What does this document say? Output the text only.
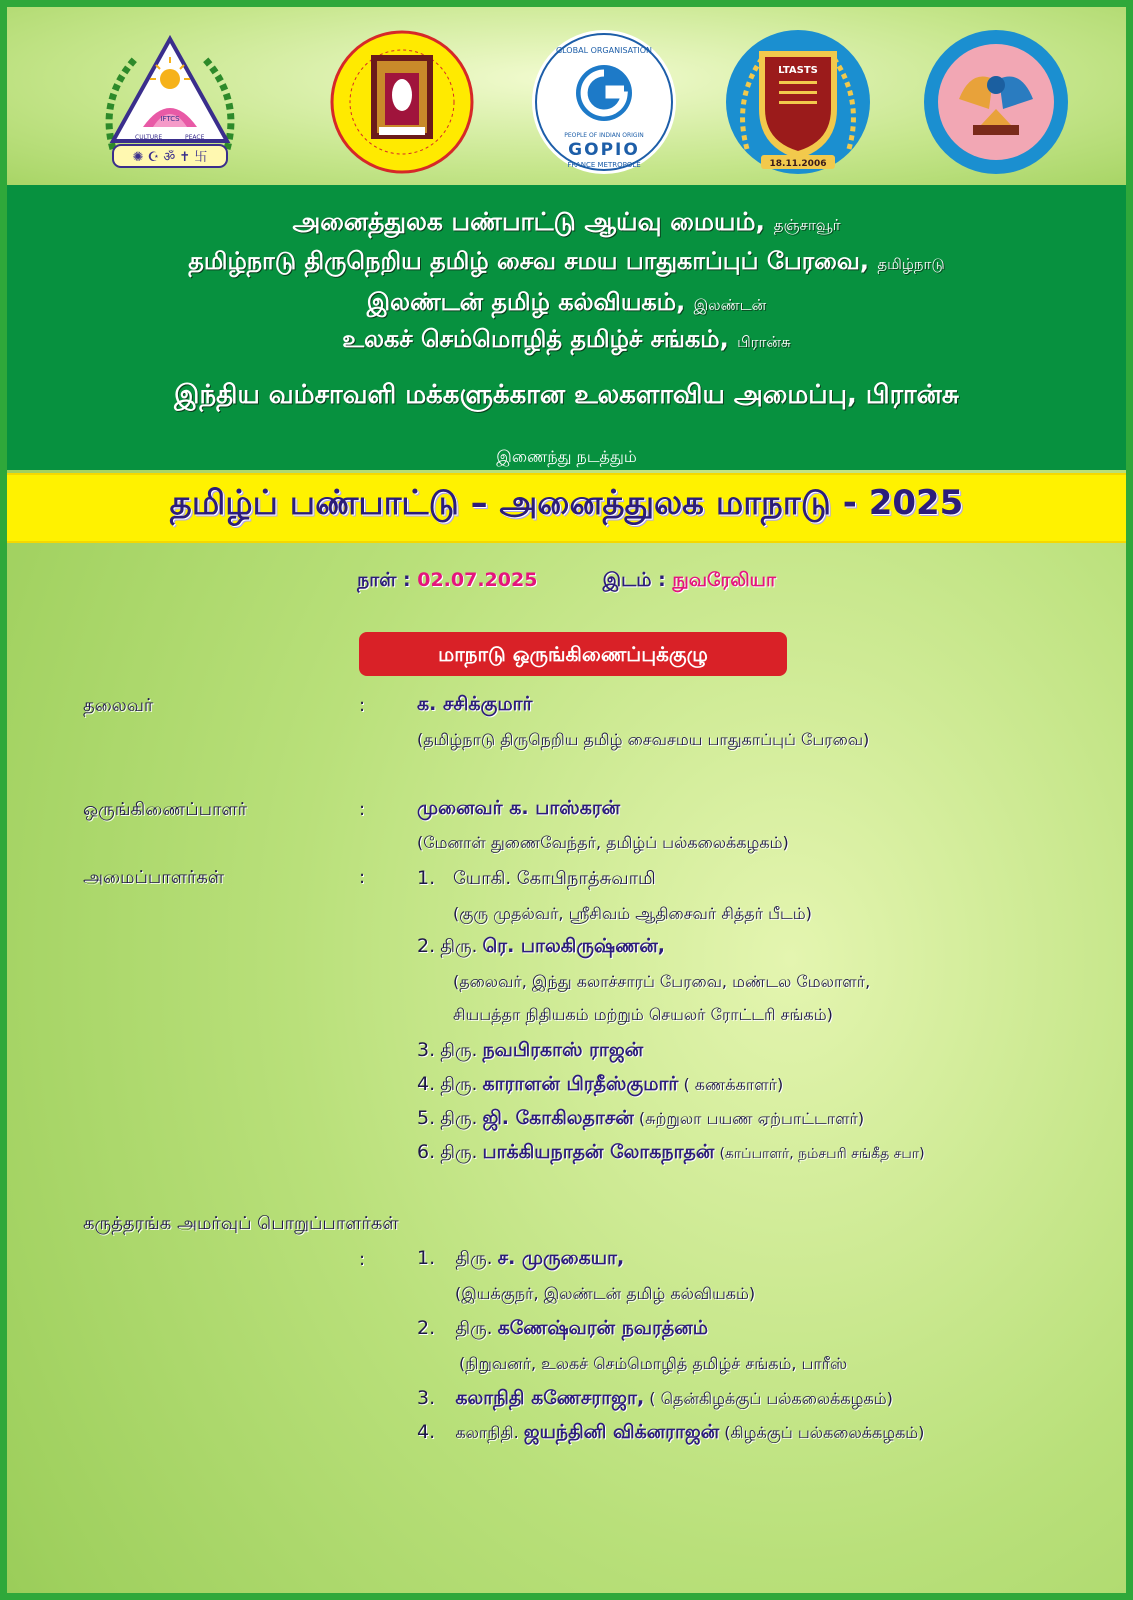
IFTCS
CULTURE	PEACE
✺ ☪ ॐ ✝ 卐
GLOBAL ORGANISATION
PEOPLE OF INDIAN ORIGIN
GOPIO
FRANCE METROPOLE
LTASTS
18.11.2006
அனைத்துலக பண்பாட்டு ஆய்வு மையம், தஞ்சாவூர்
தமிழ்நாடு திருநெறிய தமிழ் சைவ சமய பாதுகாப்புப் பேரவை, தமிழ்நாடு
இலண்டன் தமிழ் கல்வியகம், இலண்டன்
உலகச் செம்மொழித் தமிழ்ச் சங்கம், பிரான்சு
இந்திய வம்சாவளி மக்களுக்கான உலகளாவிய அமைப்பு, பிரான்சு
இணைந்து நடத்தும்
தமிழ்ப் பண்பாட்டு – அனைத்துலக மாநாடு - 2025
நாள் : 02.07.2025	இடம் : நுவரேலியா
மாநாடு ஒருங்கிணைப்புக்குழு
தலைவர்	:	க. சசிக்குமார்
(தமிழ்நாடு திருநெறிய தமிழ் சைவசமய பாதுகாப்புப் பேரவை)
ஒருங்கிணைப்பாளர்	:	முனைவர் க. பாஸ்கரன்
(மேனாள் துணைவேந்தர், தமிழ்ப் பல்கலைக்கழகம்)
அமைப்பாளர்கள்	:	1. யோகி. கோபிநாத்சுவாமி
(குரு முதல்வர், ஸ்ரீசிவம் ஆதிசைவர் சித்தர் பீடம்)
2. திரு. ரெ. பாலகிருஷ்ணன்,
(தலைவர், இந்து கலாச்சாரப் பேரவை, மண்டல மேலாளர்,
சியபத்தா நிதியகம் மற்றும் செயலர் ரோட்டரி சங்கம்)
3. திரு. நவபிரகாஸ் ராஜன்
4. திரு. காராளன் பிரதீஸ்குமார் ( கணக்காளர்)
5. திரு. ஜி. கோகிலதாசன் (சுற்றுலா பயண ஏற்பாட்டாளர்)
6. திரு. பாக்கியநாதன் லோகநாதன் (காப்பாளர், நம்சபரி சங்கீத சபா)
கருத்தரங்க அமர்வுப் பொறுப்பாளர்கள்
:	1. திரு. ச. முருகையா,
(இயக்குநர், இலண்டன் தமிழ் கல்வியகம்)
2. திரு. கணேஷ்வரன் நவரத்னம்
(நிறுவனர், உலகச் செம்மொழித் தமிழ்ச் சங்கம், பாரீஸ்
3. கலாநிதி கணேசராஜா, ( தென்கிழக்குப் பல்கலைக்கழகம்)
4. கலாநிதி. ஜயந்தினி விக்னராஜன் (கிழக்குப் பல்கலைக்கழகம்)
